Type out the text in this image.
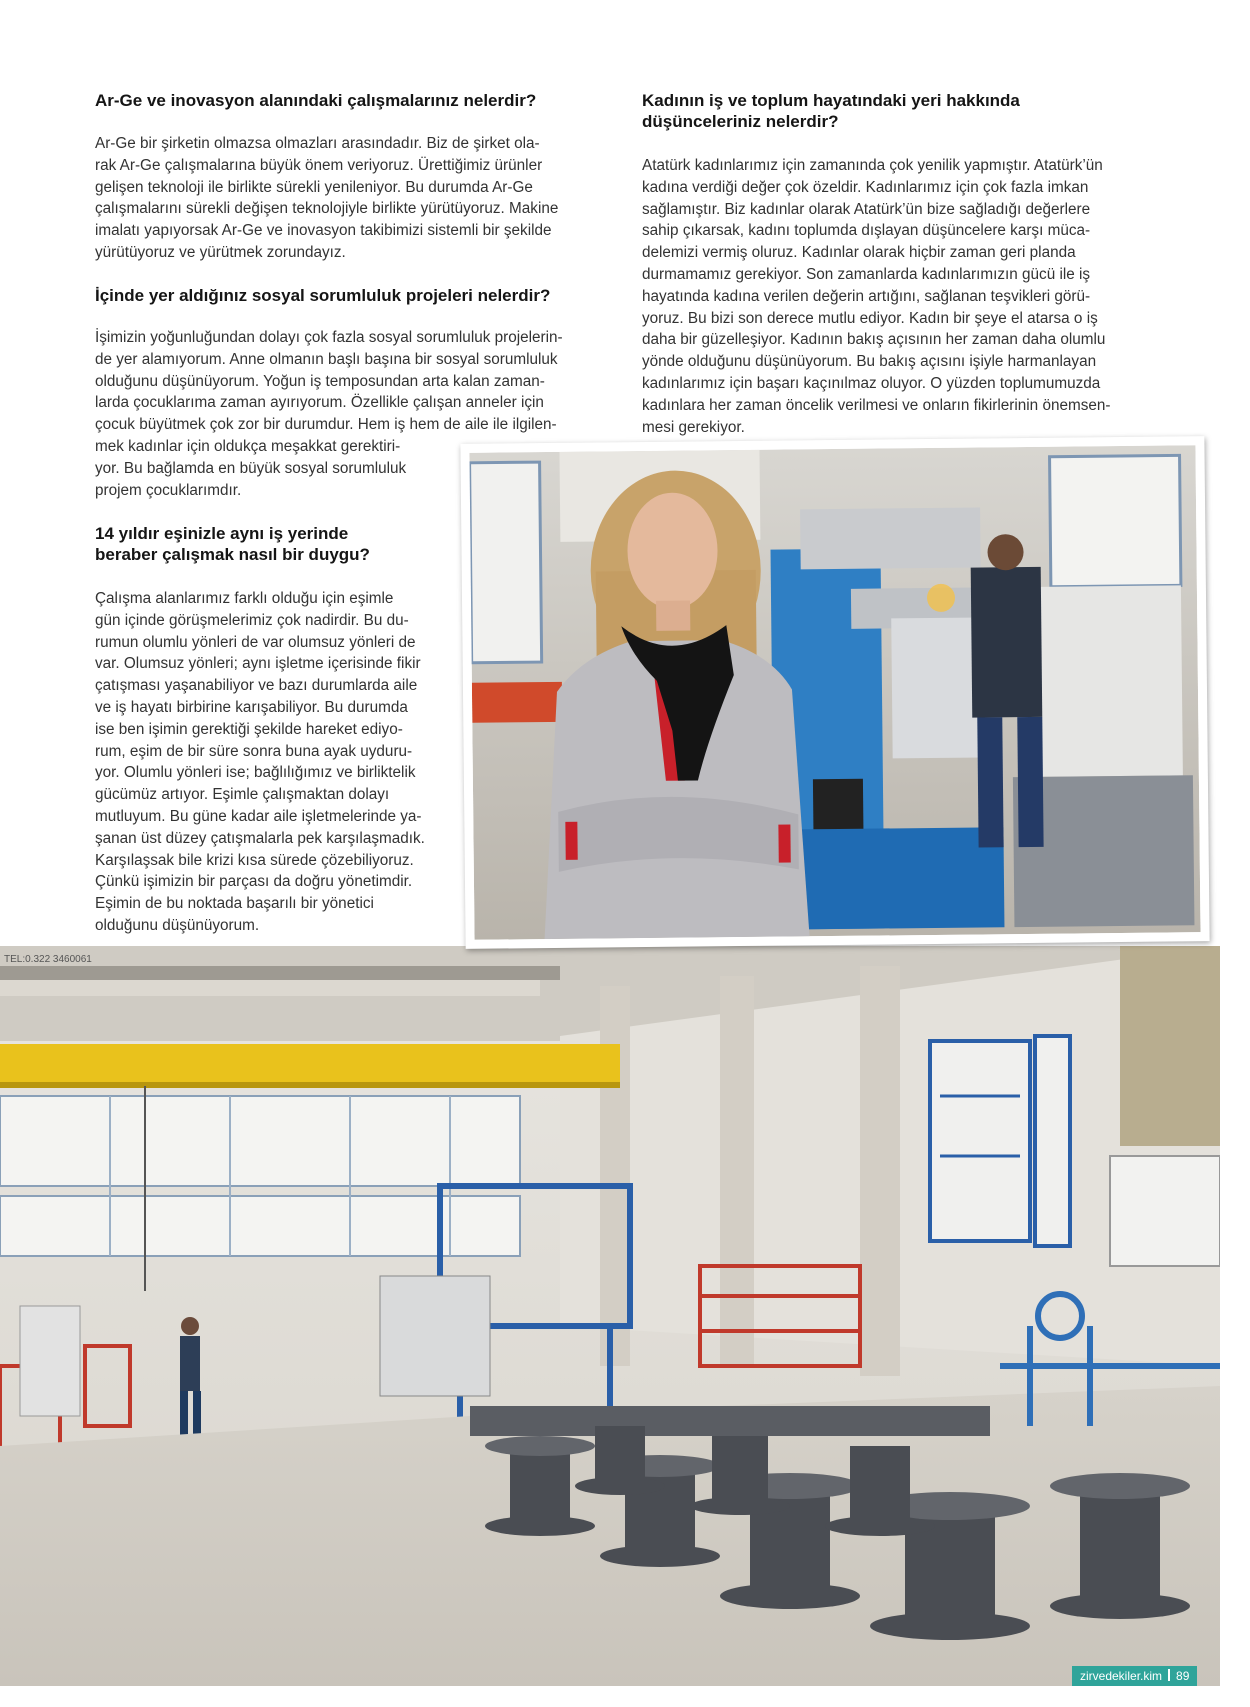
Ar-Ge ve inovasyon alanındaki çalışmalarınız nelerdir?

Ar-Ge bir şirketin olmazsa olmazları arasındadır. Biz de şirket ola-
rak Ar-Ge çalışmalarına büyük önem veriyoruz. Ürettiğimiz ürünler
gelişen teknoloji ile birlikte sürekli yenileniyor. Bu durumda Ar-Ge
çalışmalarını sürekli değişen teknolojiyle birlikte yürütüyoruz. Makine
imalatı yapıyorsak Ar-Ge ve inovasyon takibimizi sistemli bir şekilde
yürütüyoruz ve yürütmek zorundayız.

İçinde yer aldığınız sosyal sorumluluk projeleri nelerdir?

İşimizin yoğunluğundan dolayı çok fazla sosyal sorumluluk projelerin-
de yer alamıyorum. Anne olmanın başlı başına bir sosyal sorumluluk
olduğunu düşünüyorum. Yoğun iş temposundan arta kalan zaman-
larda çocuklarıma zaman ayırıyorum. Özellikle çalışan anneler için
çocuk büyütmek çok zor bir durumdur. Hem iş hem de aile ile ilgilen-
mek kadınlar için oldukça meşakkat gerektiri-
yor. Bu bağlamda en büyük sosyal sorumluluk
projem çocuklarımdır.

14 yıldır eşinizle aynı iş yerinde
beraber çalışmak nasıl bir duygu?

Çalışma alanlarımız farklı olduğu için eşimle
gün içinde görüşmelerimiz çok nadirdir. Bu du-
rumun olumlu yönleri de var olumsuz yönleri de
var. Olumsuz yönleri; aynı işletme içerisinde fikir
çatışması yaşanabiliyor ve bazı durumlarda aile
ve iş hayatı birbirine karışabiliyor. Bu durumda
ise ben işimin gerektiği şekilde hareket ediyo-
rum, eşim de bir süre sonra buna ayak uyduru-
yor. Olumlu yönleri ise; bağlılığımız ve birliktelik
gücümüz artıyor. Eşimle çalışmaktan dolayı
mutluyum. Bu güne kadar aile işletmelerinde ya-
şanan üst düzey çatışmalarla pek karşılaşmadık.
Karşılaşsak bile krizi kısa sürede çözebiliyoruz.
Çünkü işimizin bir parçası da doğru yönetimdir.
Eşimin de bu noktada başarılı bir yönetici
olduğunu düşünüyorum.

Kadının iş ve toplum hayatındaki yeri hakkında
düşünceleriniz nelerdir?

Atatürk kadınlarımız için zamanında çok yenilik yapmıştır. Atatürk’ün
kadına verdiği değer çok özeldir. Kadınlarımız için çok fazla imkan
sağlamıştır. Biz kadınlar olarak Atatürk’ün bize sağladığı değerlere
sahip çıkarsak, kadını toplumda dışlayan düşüncelere karşı müca-
delemizi vermiş oluruz. Kadınlar olarak hiçbir zaman geri planda
durmamamız gerekiyor. Son zamanlarda kadınlarımızın gücü ile iş
hayatında kadına verilen değerin artığını, sağlanan teşvikleri görü-
yoruz. Bu bizi son derece mutlu ediyor. Kadın bir şeye el atarsa o iş
daha bir güzelleşiyor. Kadının bakış açısının her zaman daha olumlu
yönde olduğunu düşünüyorum. Bu bakış açısını işiyle harmanlayan
kadınlarımız için başarı kaçınılmaz oluyor. O yüzden toplumumuzda
kadınlara her zaman öncelik verilmesi ve onların fikirlerinin önemsen-
mesi gerekiyor.

TEL:0.322 3460061
zirvedekiler.kim 89
